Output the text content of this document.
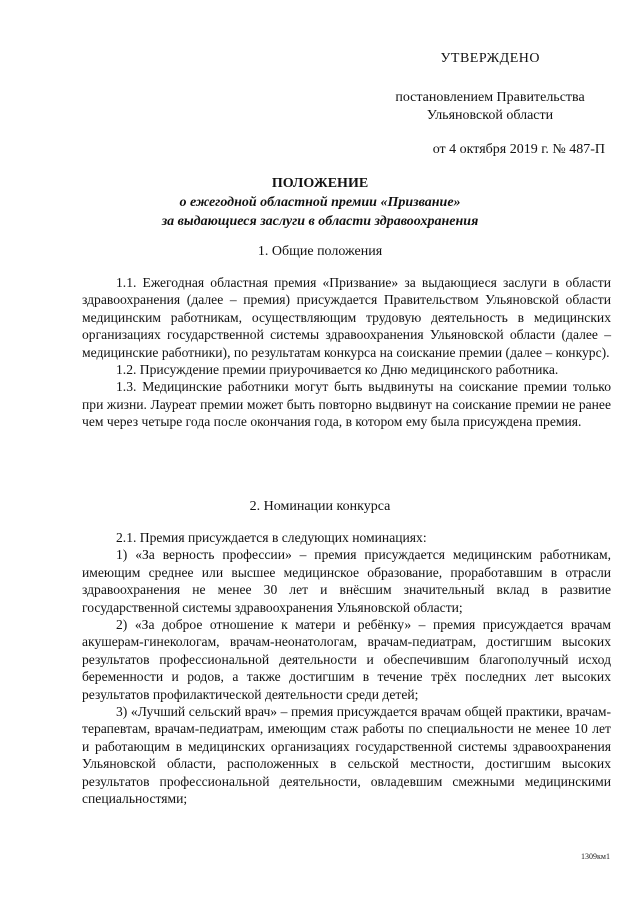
УТВЕРЖДЕНО
постановлением Правительства
Ульяновской области
от 4 октября 2019 г. № 487-П
ПОЛОЖЕНИЕ
о ежегодной областной премии «Призвание»
за выдающиеся заслуги в области здравоохранения
1. Общие положения

1.1. Ежегодная областная премия «Призвание» за выдающиеся заслуги в области здравоохранения (далее – премия) присуждается Правительством Ульяновской области медицинским работникам, осуществляющим трудовую деятельность в медицинских организациях государственной системы здравоохранения Ульяновской области (далее – медицинские работники), по результатам конкурса на соискание премии (далее – конкурс).

1.2. Присуждение премии приурочивается ко Дню медицинского работника.

1.3. Медицинские работники могут быть выдвинуты на соискание премии только при жизни. Лауреат премии может быть повторно выдвинут на соискание премии не ранее чем через четыре года после окончания года, в котором ему была присуждена премия.

2. Номинации конкурса

2.1. Премия присуждается в следующих номинациях:

1) «За верность профессии» – премия присуждается медицинским работникам, имеющим среднее или высшее медицинское образование, проработавшим в отрасли здравоохранения не менее 30 лет и внёсшим значительный вклад в развитие государственной системы здравоохранения Ульяновской области;

2) «За доброе отношение к матери и ребёнку» – премия присуждается врачам акушерам-гинекологам, врачам-неонатологам, врачам-педиатрам, достигшим высоких результатов профессиональной деятельности и обеспечившим благополучный исход беременности и родов, а также достигшим в течение трёх последних лет высоких результатов профилактической деятельности среди детей;

3) «Лучший сельский врач» – премия присуждается врачам общей практики, врачам-терапевтам, врачам-педиатрам, имеющим стаж работы по специальности не менее 10 лет и работающим в медицинских организациях государственной системы здравоохранения Ульяновской области, расположенных в сельской местности, достигшим высоких результатов профессиональной деятельности, овладевшим смежными медицинскими специальностями;

1309км1
